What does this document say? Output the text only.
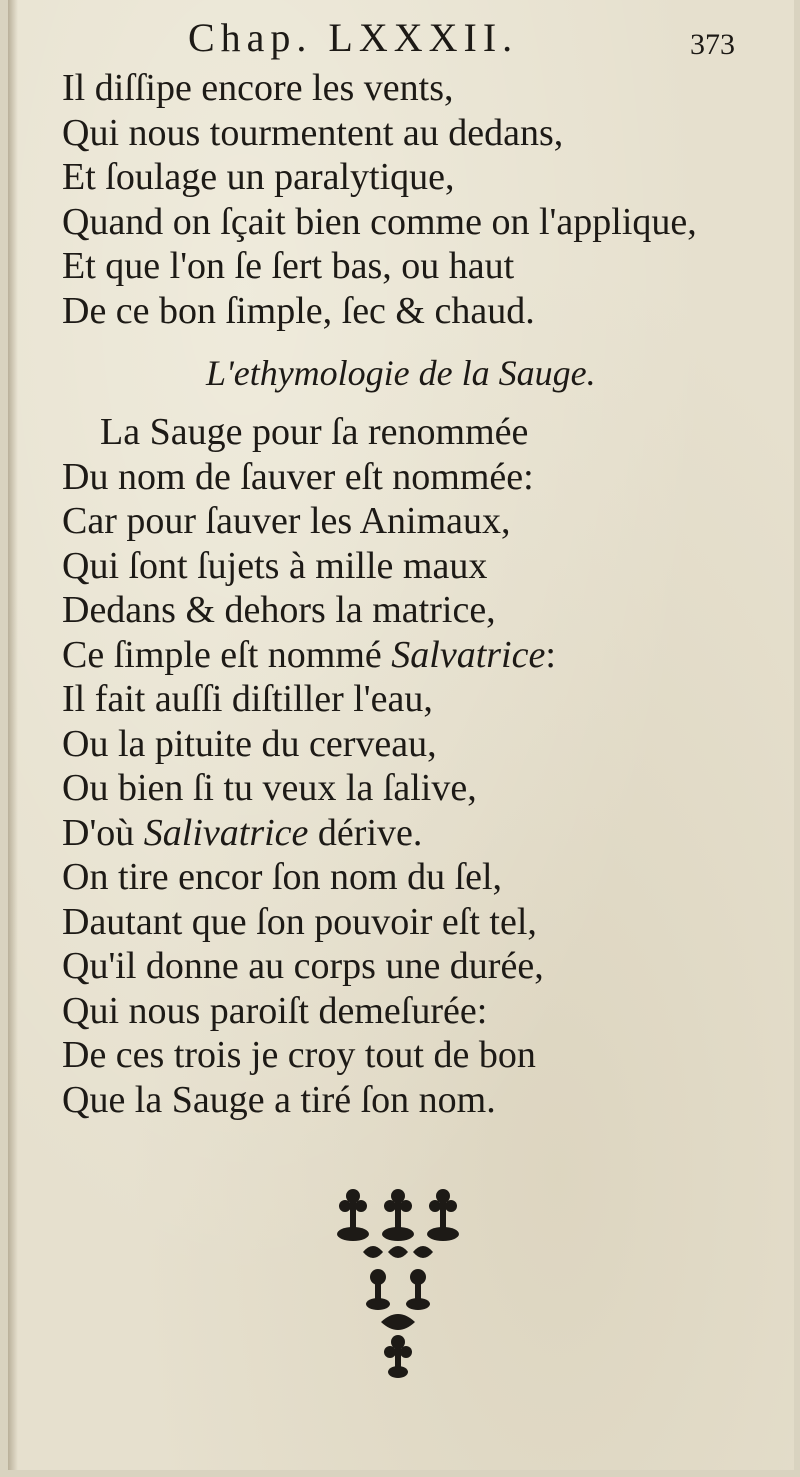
Chap. LXXXII.	373
Il diſſipe encore les vents,
Qui nous tourmentent au dedans,
Et ſoulage un paralytique,
Quand on ſçait bien comme on l'applique,
Et que l'on ſe ſert bas, ou haut
De ce bon ſimple, ſec & chaud.
L'ethymologie de la Sauge.
La Sauge pour ſa renommée
Du nom de ſauver eſt nommée:
Car pour ſauver les Animaux,
Qui ſont ſujets à mille maux
Dedans & dehors la matrice,
Ce ſimple eſt nommé Salvatrice:
Il fait auſſi diſtiller l'eau,
Ou la pituite du cerveau,
Ou bien ſi tu veux la ſalive,
D'où Salivatrice dérive.
On tire encor ſon nom du ſel,
Dautant que ſon pouvoir eſt tel,
Qu'il donne au corps une durée,
Qui nous paroiſt demeſurée:
De ces trois je croy tout de bon
Que la Sauge a tiré ſon nom.
